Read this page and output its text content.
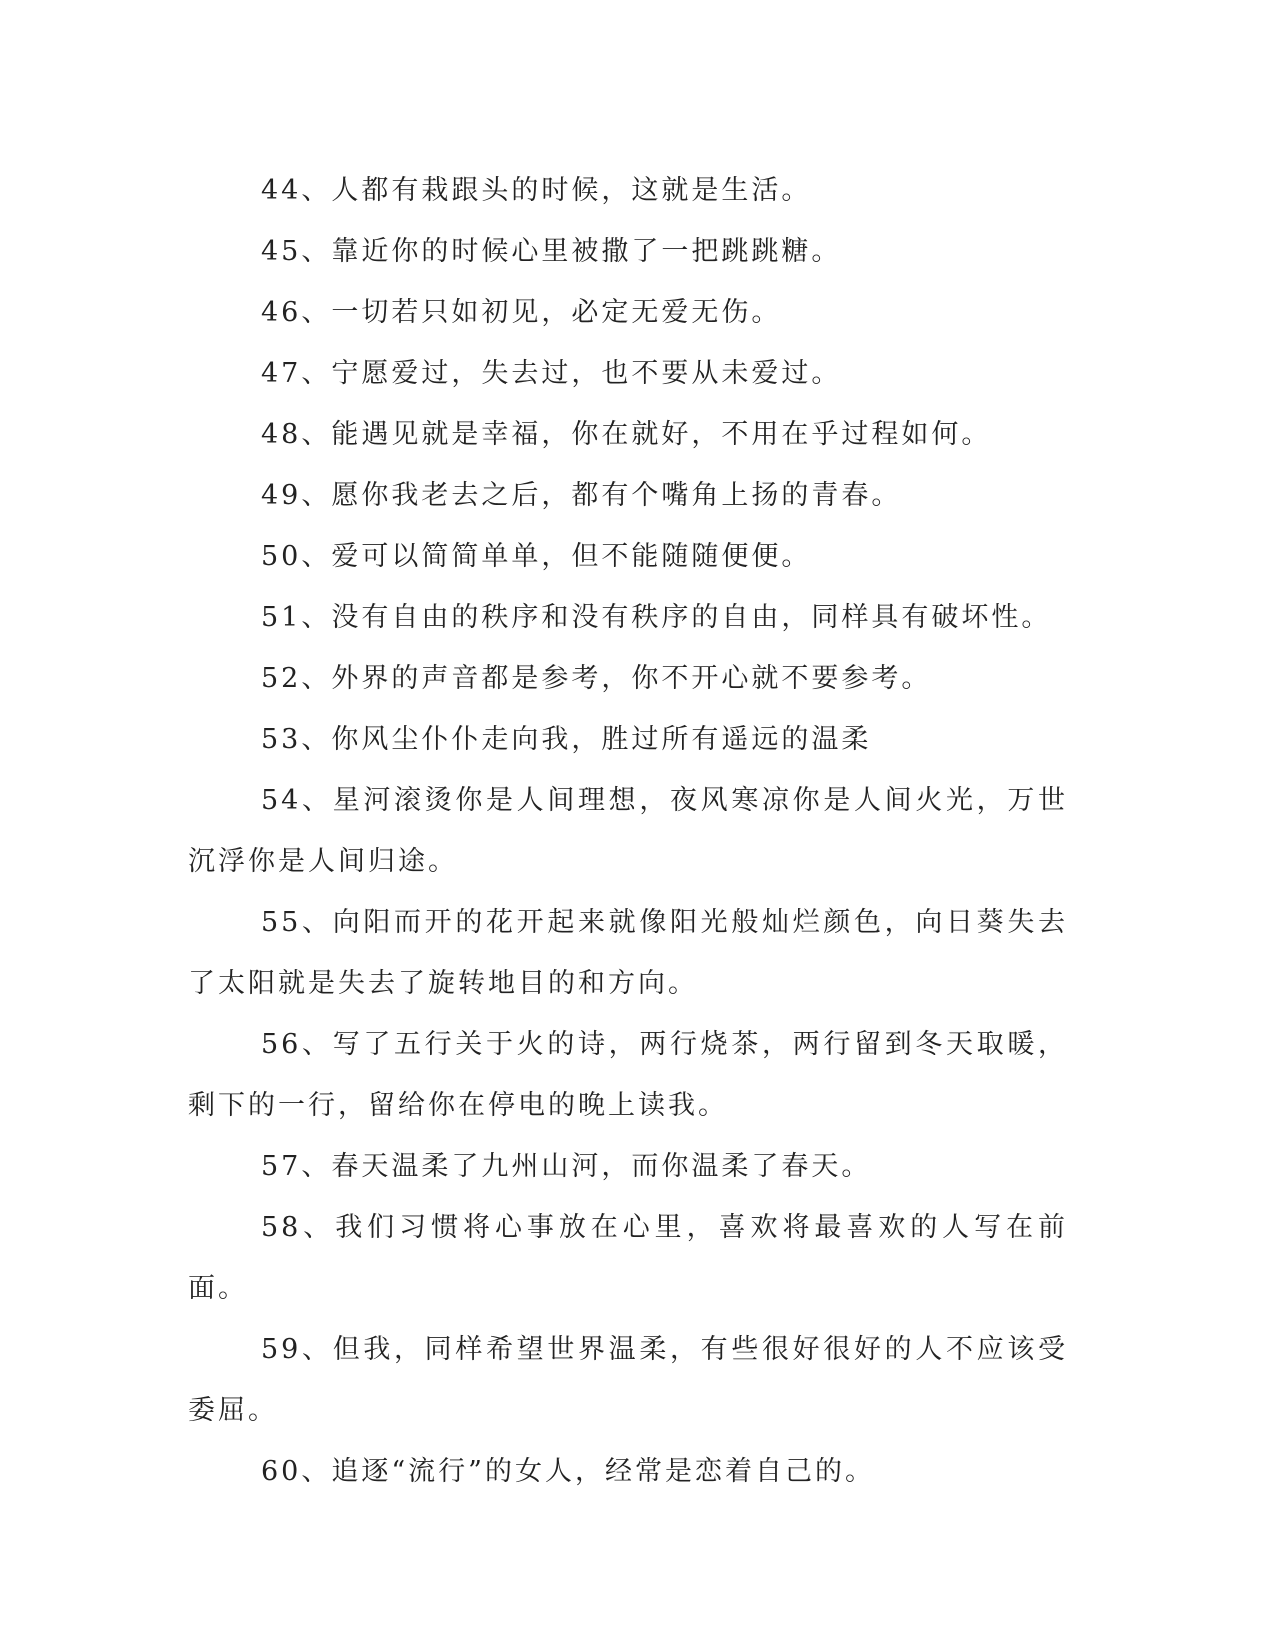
44、人都有栽跟头的时候，这就是生活。

45、靠近你的时候心里被撒了一把跳跳糖。

46、一切若只如初见，必定无爱无伤。

47、宁愿爱过，失去过，也不要从未爱过。

48、能遇见就是幸福，你在就好，不用在乎过程如何。

49、愿你我老去之后，都有个嘴角上扬的青春。

50、爱可以简简单单，但不能随随便便。

51、没有自由的秩序和没有秩序的自由，同样具有破坏性。

52、外界的声音都是参考，你不开心就不要参考。

53、你风尘仆仆走向我，胜过所有遥远的温柔

54、星河滚烫你是人间理想，夜风寒凉你是人间火光，万世沉浮你是人间归途。

55、向阳而开的花开起来就像阳光般灿烂颜色，向日葵失去了太阳就是失去了旋转地目的和方向。

56、写了五行关于火的诗，两行烧茶，两行留到冬天取暖，剩下的一行，留给你在停电的晚上读我。

57、春天温柔了九州山河，而你温柔了春天。

58、我们习惯将心事放在心里，喜欢将最喜欢的人写在前面。

59、但我，同样希望世界温柔，有些很好很好的人不应该受委屈。

60、追逐“流行”的女人，经常是恋着自己的。
